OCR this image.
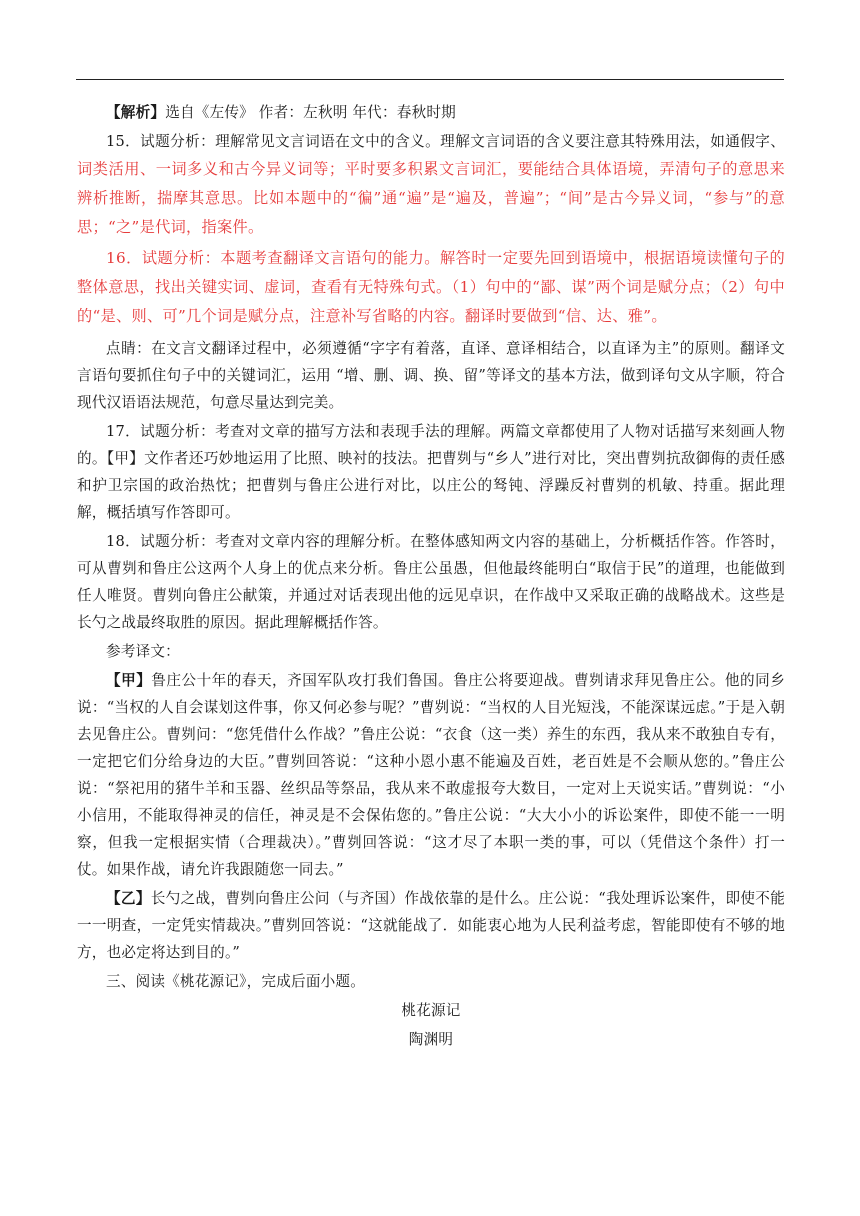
【解析】选自《左传》 作者：左秋明 年代：春秋时期

15．试题分析：理解常见文言词语在文中的含义。理解文言词语的含义要注意其特殊用法，如通假字、词类活用、一词多义和古今异义词等；平时要多积累文言词汇，要能结合具体语境，弄清句子的意思来辨析推断，揣摩其意思。比如本题中的“徧”通“遍”是“遍及，普遍”；“间”是古今异义词，“参与”的意思；“之”是代词，指案件。

16．试题分析：本题考查翻译文言语句的能力。解答时一定要先回到语境中，根据语境读懂句子的整体意思，找出关键实词、虚词，查看有无特殊句式。（1）句中的“鄙、谋”两个词是赋分点；（2）句中的“是、则、可”几个词是赋分点，注意补写省略的内容。翻译时要做到“信、达、雅”。

点睛：在文言文翻译过程中，必须遵循“字字有着落，直译、意译相结合，以直译为主”的原则。翻译文言语句要抓住句子中的关键词汇，运用 “增、删、调、换、留”等译文的基本方法，做到译句文从字顺，符合现代汉语语法规范，句意尽量达到完美。

17．试题分析：考查对文章的描写方法和表现手法的理解。两篇文章都使用了人物对话描写来刻画人物的。【甲】文作者还巧妙地运用了比照、映衬的技法。把曹刿与“乡人”进行对比，突出曹刿抗敌御侮的责任感和护卫宗国的政治热忱；把曹刿与鲁庄公进行对比，以庄公的驽钝、浮躁反衬曹刿的机敏、持重。据此理解，概括填写作答即可。

18．试题分析：考查对文章内容的理解分析。在整体感知两文内容的基础上，分析概括作答。作答时，可从曹刿和鲁庄公这两个人身上的优点来分析。鲁庄公虽愚，但他最终能明白“取信于民”的道理，也能做到任人唯贤。曹刿向鲁庄公献策，并通过对话表现出他的远见卓识，在作战中又采取正确的战略战术。这些是长勺之战最终取胜的原因。据此理解概括作答。

参考译文：

【甲】鲁庄公十年的春天，齐国军队攻打我们鲁国。鲁庄公将要迎战。曹刿请求拜见鲁庄公。他的同乡说：“当权的人自会谋划这件事，你又何必参与呢？”曹刿说：“当权的人目光短浅，不能深谋远虑。”于是入朝去见鲁庄公。曹刿问：“您凭借什么作战？”鲁庄公说：“衣食（这一类）养生的东西，我从来不敢独自专有，一定把它们分给身边的大臣。”曹刿回答说：“这种小恩小惠不能遍及百姓，老百姓是不会顺从您的。”鲁庄公说：“祭祀用的猪牛羊和玉器、丝织品等祭品，我从来不敢虚报夸大数目，一定对上天说实话。”曹刿说：“小小信用，不能取得神灵的信任，神灵是不会保佑您的。”鲁庄公说：“大大小小的诉讼案件，即使不能一一明察，但我一定根据实情（合理裁决）。”曹刿回答说：“这才尽了本职一类的事，可以（凭借这个条件）打一仗。如果作战，请允许我跟随您一同去。”

【乙】长勺之战，曹刿向鲁庄公问（与齐国）作战依靠的是什么。庄公说：“我处理诉讼案件，即使不能一一明查，一定凭实情裁决。”曹刿回答说：“这就能战了．如能衷心地为人民利益考虑，智能即使有不够的地方，也必定将达到目的。”

三、阅读《桃花源记》，完成后面小题。

桃花源记

陶渊明
